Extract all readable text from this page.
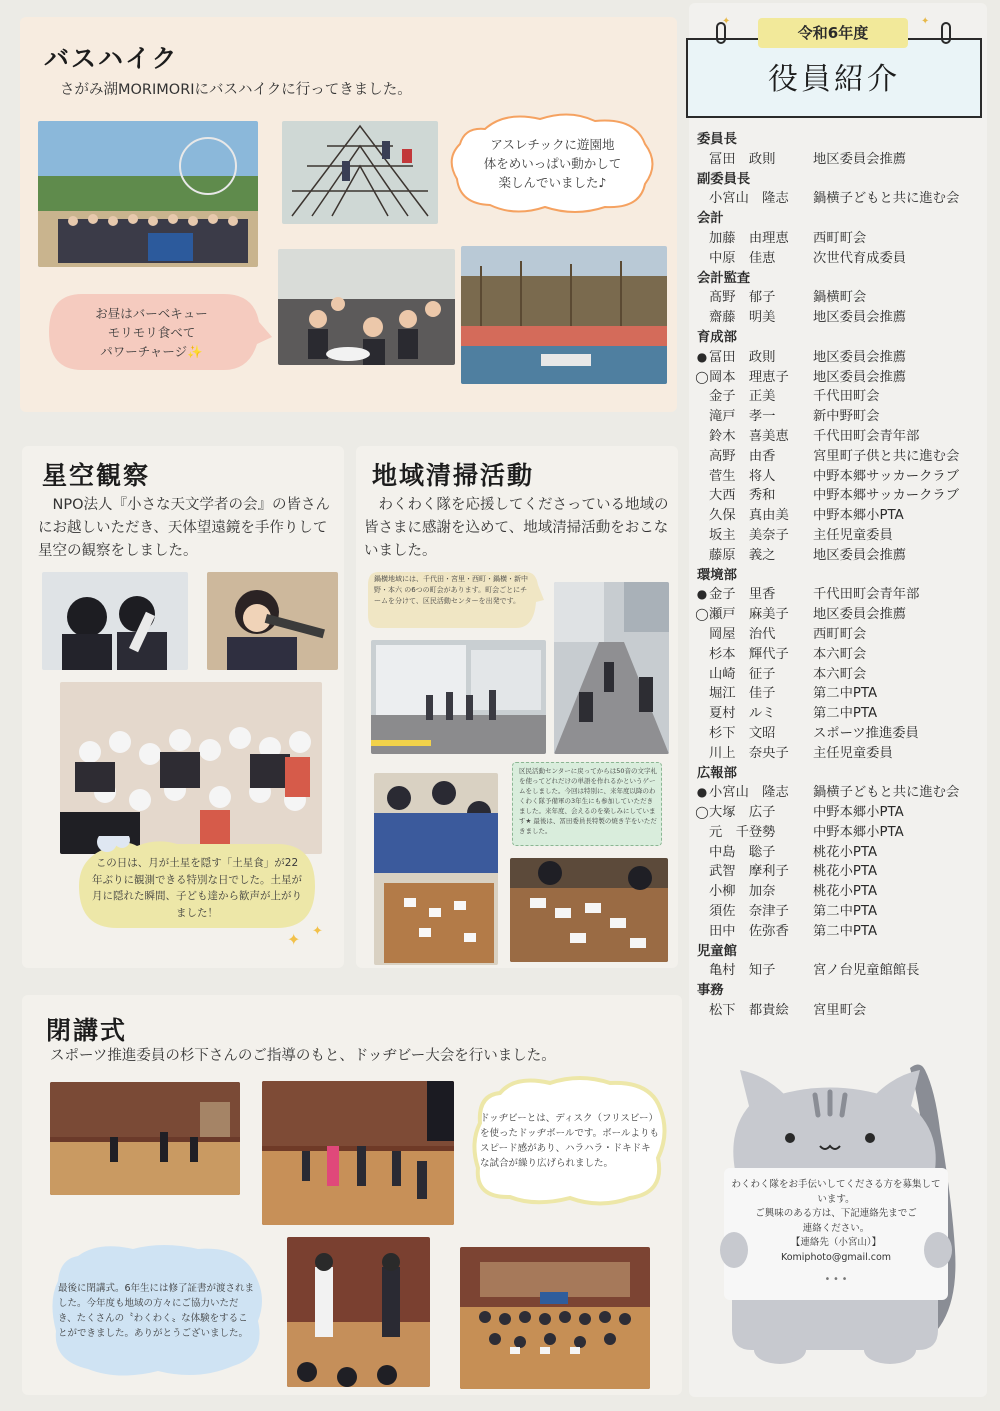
バスハイク
さがみ湖MORIMORIにバスハイクに行ってきました。
アスレチックに遊園地
体をめいっぱい動かして
楽しんでいました♪
お昼はバーベキュー
モリモリ食べて
パワーチャージ✨
星空観察
NPO法人『小さな天文学者の会』の皆さんにお越しいただき、天体望遠鏡を手作りして星空の観察をしました。
この日は、月が土星を隠す「土星食」が22年ぶりに観測できる特別な日でした。土星が月に隠れた瞬間、子ども達から歓声が上がりました！
✦ ✦
地域清掃活動
わくわく隊を応援してくださっている地域の皆さまに感謝を込めて、地域清掃活動をおこないました。
鍋横地域には、千代田・宮里・西町・鍋横・新中野・本六 の6つの町会があります。町会ごとにチームを分けて、区民活動センターを出発です。
区民活動センターに戻ってからは50音の文字札を使ってどれだけの単語を作れるかというゲームをしました。今回は特別に、来年度以降のわくわく隊予備軍の3年生にも参加していただきました。来年度、会えるのを楽しみにしています★ 最後は、冨田委員長特製の焼き芋をいただきました。
閉講式
スポーツ推進委員の杉下さんのご指導のもと、ドッヂビー大会を行いました。
ドッヂビーとは、ディスク（フリスビー）を使ったドッヂボールです。ボールよりもスピード感があり、ハラハラ・ドキドキな試合が繰り広げられました。
最後に閉講式。6年生には修了証書が渡されました。今年度も地域の方々にご協力いただき、たくさんの〝わくわく〟な体験をすることができました。ありがとうございました。
✦	✦
令和6年度
役員紹介
委員長
冨田　政則	地区委員会推薦
副委員長
小宮山　隆志	鍋横子どもと共に進む会
会計
加藤　由理恵	西町町会
中原　佳恵	次世代育成委員
会計監査
髙野　郁子	鍋横町会
齋藤　明美	地区委員会推薦
育成部
● 冨田　政則	地区委員会推薦
◯ 岡本　理恵子	地区委員会推薦
金子　正美	千代田町会
滝戸　孝一	新中野町会
鈴木　喜美恵	千代田町会青年部
高野　由香	宮里町子供と共に進む会
菅生　将人	中野本郷サッカークラブ
大西　秀和	中野本郷サッカークラブ
久保　真由美	中野本郷小PTA
坂主　美奈子	主任児童委員
藤原　義之	地区委員会推薦
環境部
● 金子　里香	千代田町会青年部
◯ 瀬戸　麻美子	地区委員会推薦
岡屋　治代	西町町会
杉本　輝代子	本六町会
山崎　征子	本六町会
堀江　佳子	第二中PTA
夏村　ルミ	第二中PTA
杉下　文昭	スポーツ推進委員
川上　奈央子	主任児童委員
広報部
● 小宮山　隆志	鍋横子どもと共に進む会
◯ 大塚　広子	中野本郷小PTA
元　千登勢	中野本郷小PTA
中島　聡子	桃花小PTA
武智　摩利子	桃花小PTA
小柳　加奈	桃花小PTA
須佐　奈津子	第二中PTA
田中　佐弥香	第二中PTA
児童館
亀村　知子	宮ノ台児童館館長
事務
松下　都貴絵	宮里町会
わくわく隊をお手伝いしてくださる方を募集しています。
ご興味のある方は、下記連絡先までご連絡ください。
【連絡先（小宮山）】
Komiphoto@gmail.com
• • •
